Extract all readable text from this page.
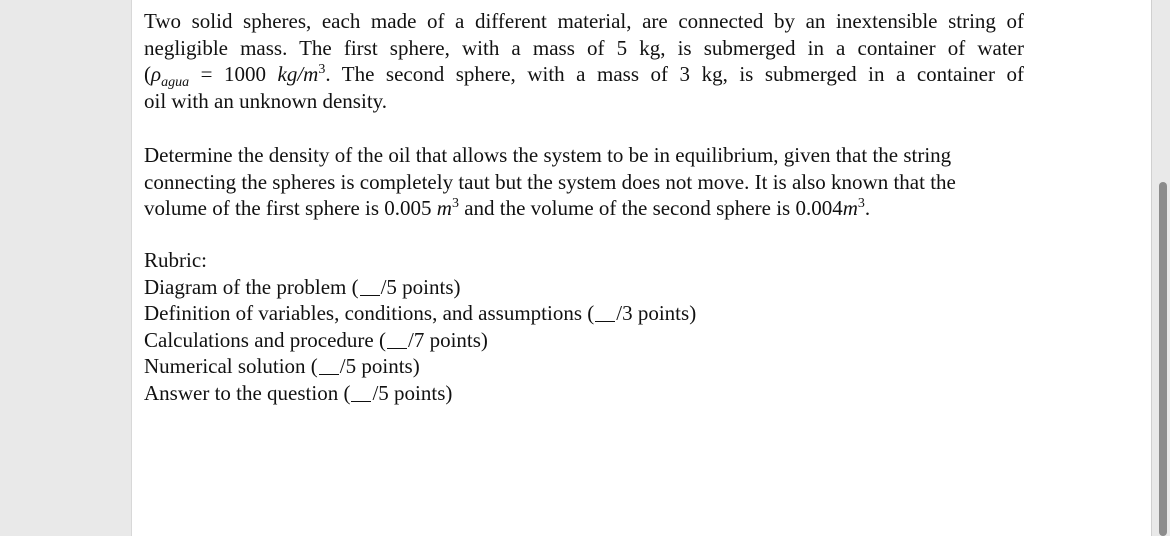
Two solid spheres, each made of a different material, are connected by an inextensible string of
negligible mass. The first sphere, with a mass of 5 kg, is submerged in a container of water
($\rho_{agua} = 1000$ $kg/m^3$. The second sphere, with a mass of 3 kg, is submerged in a container of
oil with an unknown density.
Determine the density of the oil that allows the system to be in equilibrium, given that the string
connecting the spheres is completely taut but the system does not move. It is also known that the
volume of the first sphere is 0.005 $m^3$ and the volume of the second sphere is $0.004m^3$.
Rubric:
Diagram of the problem ( /5 points)
Definition of variables, conditions, and assumptions ( /3 points)
Calculations and procedure ( /7 points)
Numerical solution ( /5 points)
Answer to the question ( /5 points)
